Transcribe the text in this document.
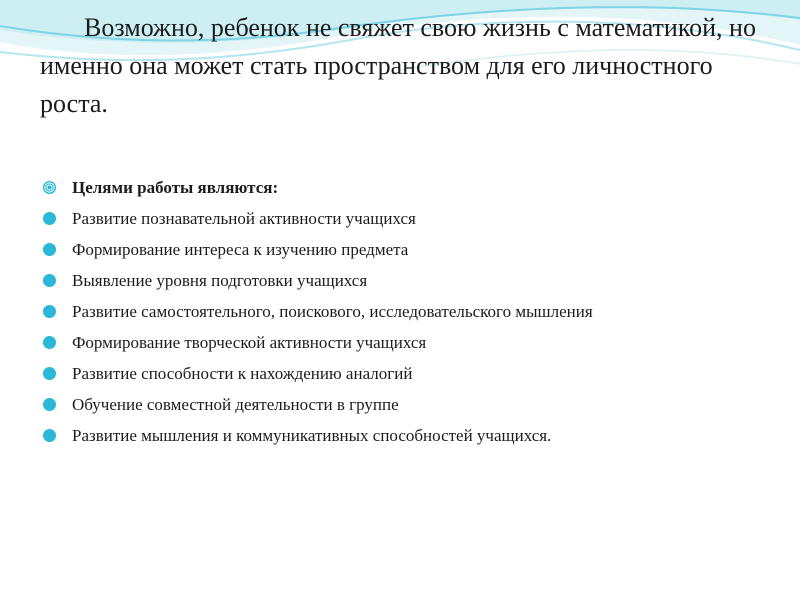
Возможно, ребенок не свяжет свою жизнь с математикой, но именно она может стать пространством для его личностного роста.

Целями работы являются:
Развитие познавательной активности учащихся
Формирование интереса к изучению предмета
Выявление уровня подготовки учащихся
Развитие самостоятельного, поискового, исследовательского мышления
Формирование творческой активности учащихся
Развитие способности к нахождению аналогий
Обучение совместной деятельности в группе
Развитие мышления и коммуникативных способностей учащихся.
